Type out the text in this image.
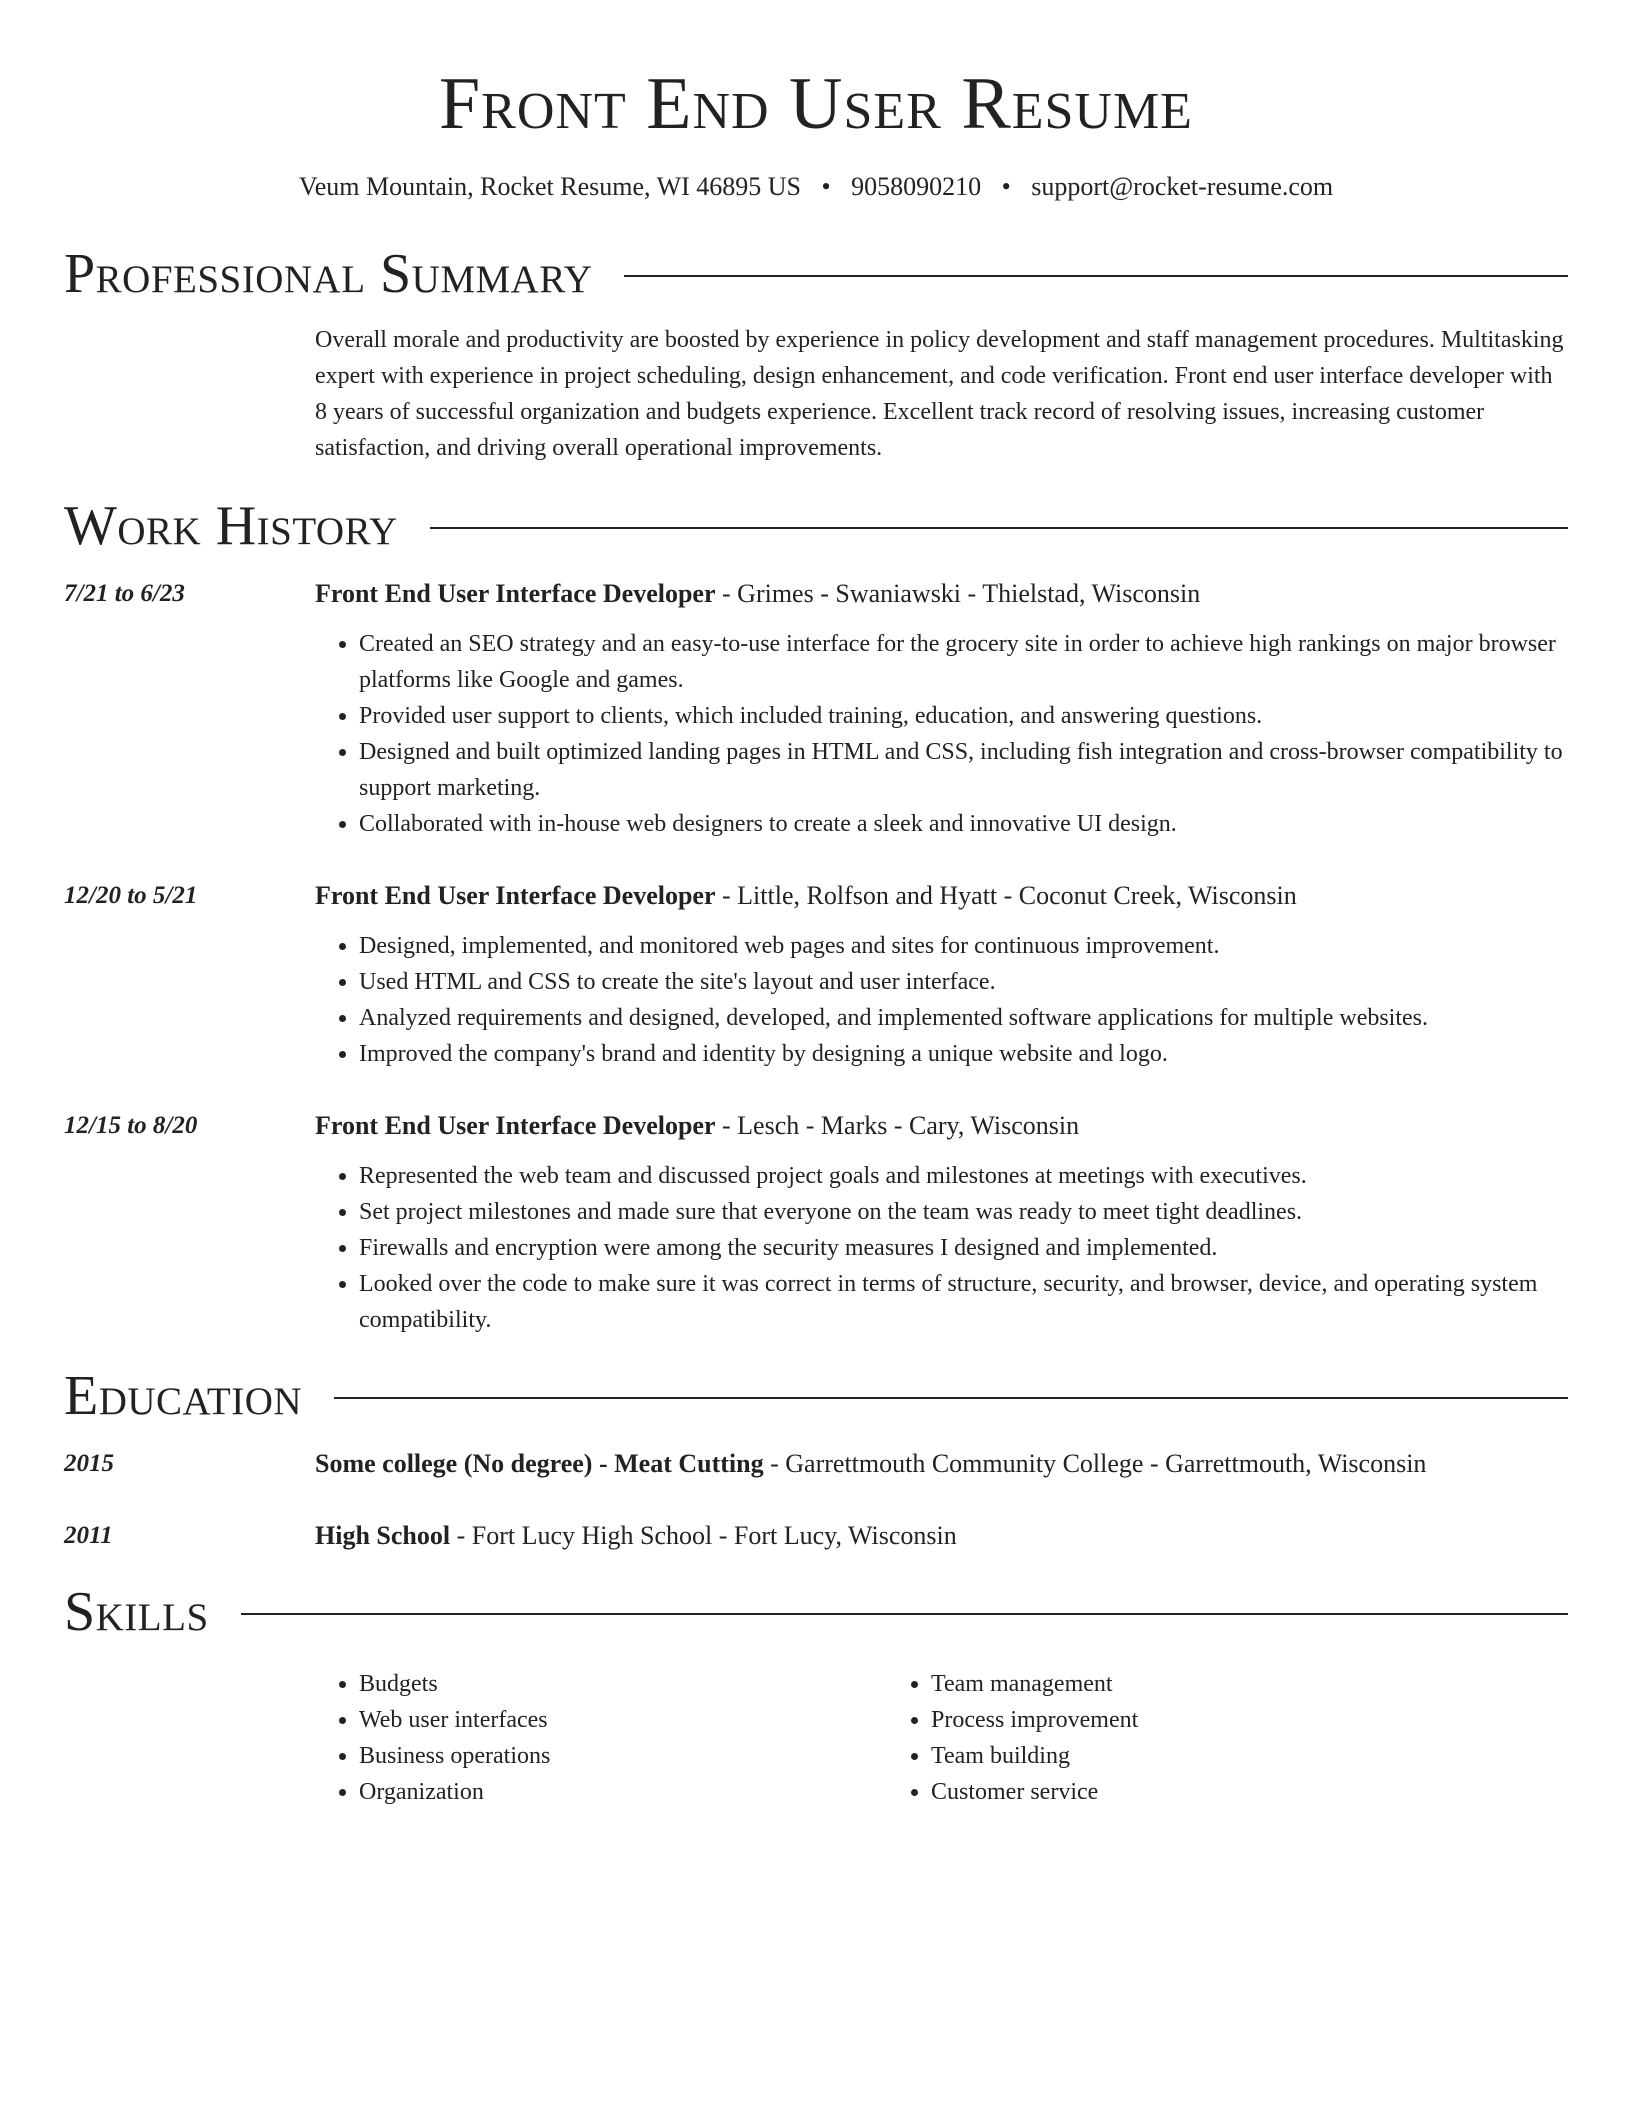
Front End User Resume
Veum Mountain, Rocket Resume, WI 46895 US • 9058090210 • support@rocket-resume.com
Professional Summary
Overall morale and productivity are boosted by experience in policy development and staff management procedures. Multitasking expert with experience in project scheduling, design enhancement, and code verification. Front end user interface developer with 8 years of successful organization and budgets experience. Excellent track record of resolving issues, increasing customer satisfaction, and driving overall operational improvements.
Work History
7/21 to 6/23	Front End User Interface Developer - Grimes - Swaniawski - Thielstad, Wisconsin
• Created an SEO strategy and an easy-to-use interface for the grocery site in order to achieve high rankings on major browser platforms like Google and games.
• Provided user support to clients, which included training, education, and answering questions.
• Designed and built optimized landing pages in HTML and CSS, including fish integration and cross-browser compatibility to support marketing.
• Collaborated with in-house web designers to create a sleek and innovative UI design.
12/20 to 5/21	Front End User Interface Developer - Little, Rolfson and Hyatt - Coconut Creek, Wisconsin
• Designed, implemented, and monitored web pages and sites for continuous improvement.
• Used HTML and CSS to create the site's layout and user interface.
• Analyzed requirements and designed, developed, and implemented software applications for multiple websites.
• Improved the company's brand and identity by designing a unique website and logo.
12/15 to 8/20	Front End User Interface Developer - Lesch - Marks - Cary, Wisconsin
• Represented the web team and discussed project goals and milestones at meetings with executives.
• Set project milestones and made sure that everyone on the team was ready to meet tight deadlines.
• Firewalls and encryption were among the security measures I designed and implemented.
• Looked over the code to make sure it was correct in terms of structure, security, and browser, device, and operating system compatibility.
Education
2015	Some college (No degree) - Meat Cutting - Garrettmouth Community College - Garrettmouth, Wisconsin
2011	High School - Fort Lucy High School - Fort Lucy, Wisconsin
Skills
• Budgets
• Web user interfaces
• Business operations
• Organization
• Team management
• Process improvement
• Team building
• Customer service
